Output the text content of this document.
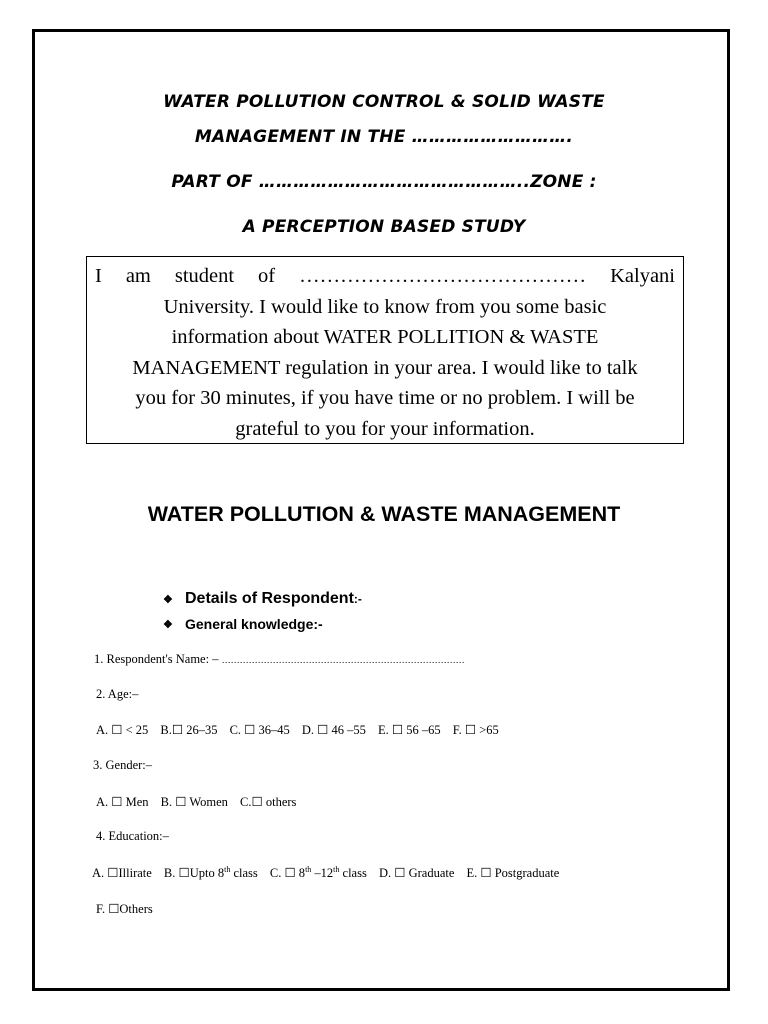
WATER POLLUTION CONTROL & SOLID WASTE
MANAGEMENT IN THE ……………………….
PART OF ………………………………………..ZONE :
A PERCEPTION BASED STUDY
I am student of …………………………………… Kalyani
University. I would like to know from you some basic
information about WATER POLLITION & WASTE
MANAGEMENT regulation in your area. I would like to talk
you for 30 minutes, if you have time or no problem. I will be
grateful to you for your information.
WATER POLLUTION & WASTE MANAGEMENT
❖ Details of Respondent :-
❖ General knowledge:-
1. Respondent's Name: – ………………………………………………………………………
2. Age:–
A. ☐ < 25 B.☐ 26–35 C. ☐ 36–45 D. ☐ 46 –55 E. ☐ 56 –65 F. ☐ >65
3. Gender:–
A. ☐ Men B. ☐ Women C.☐ others
4. Education:–
A. ☐Illirate B. ☐Upto 8th class C. ☐ 8th –12th class D. ☐ Graduate E. ☐ Postgraduate
F. ☐Others
